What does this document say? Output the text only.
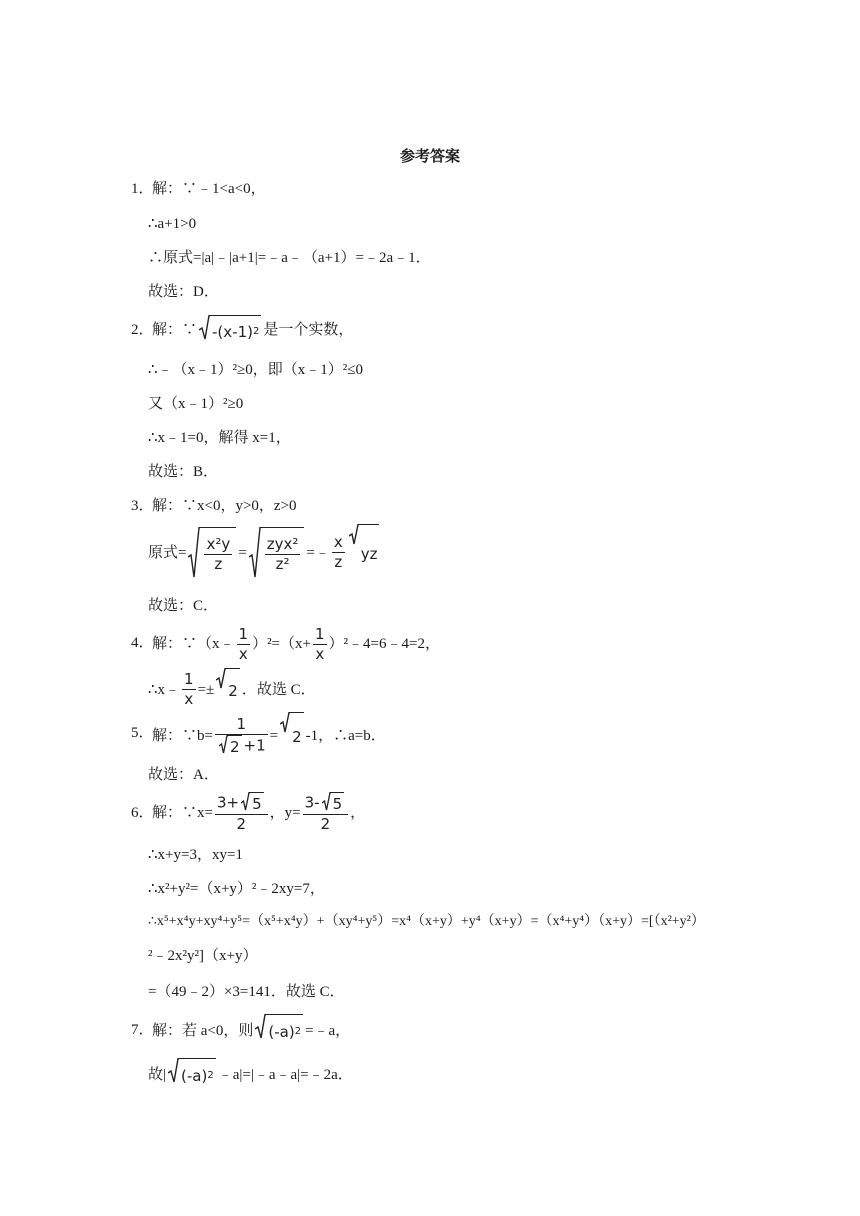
参考答案
1．
解：∵﹣1<a<0，
∴a+1>0
∴原式=|a|﹣|a+1|=﹣a﹣（a+1）=﹣2a﹣1．
故选：D．
2．
解：∵ -(x-1) 2 是一个实数，
∴﹣（x﹣1）²≥0，即（x﹣1）²≤0
又（x﹣1）²≥0
∴x﹣1=0，解得 x=1，
故选：B．
3．
解：∵x<0，y>0，z>0
原式= $\frac{\text{x²y}}{z} = \frac{\text{zyx²}}{\text{z²}}$ =﹣ $\frac{x}{z}$ yz
故选：C．
4．
解：∵（x﹣ $\frac{1}{x} )^2=(x+ \frac{1}{x}$ ）²﹣4=6﹣4=2，
∴x﹣ $\frac{1}{x} =\pm 2$ ．故选 C．
5．
解：∵b= $\frac{1}{2 +1} = 2$ -1，∴a=b．
故选：A．
6．
解：∵x= $\frac{3+ 5}{2}$ ，$y= \frac{3- 5}{2}$ ，
∴x+y=3，xy=1
∴x²+y²=（x+y）²﹣2xy=7，
∴x⁵+x⁴y+xy⁴+y⁵=（x⁵+x⁴y）+（xy⁴+y⁵）=x⁴（x+y）+y⁴（x+y）=（x⁴+y⁴）（x+y）=[（x²+y²）
²﹣2x²y²]（x+y）
=（49﹣2）×3=141．故选 C．
7．
解：若 a<0，则 (-a) 2 =﹣a，
故| (-a) 2 ﹣a|=|﹣a﹣a|=﹣2a．
